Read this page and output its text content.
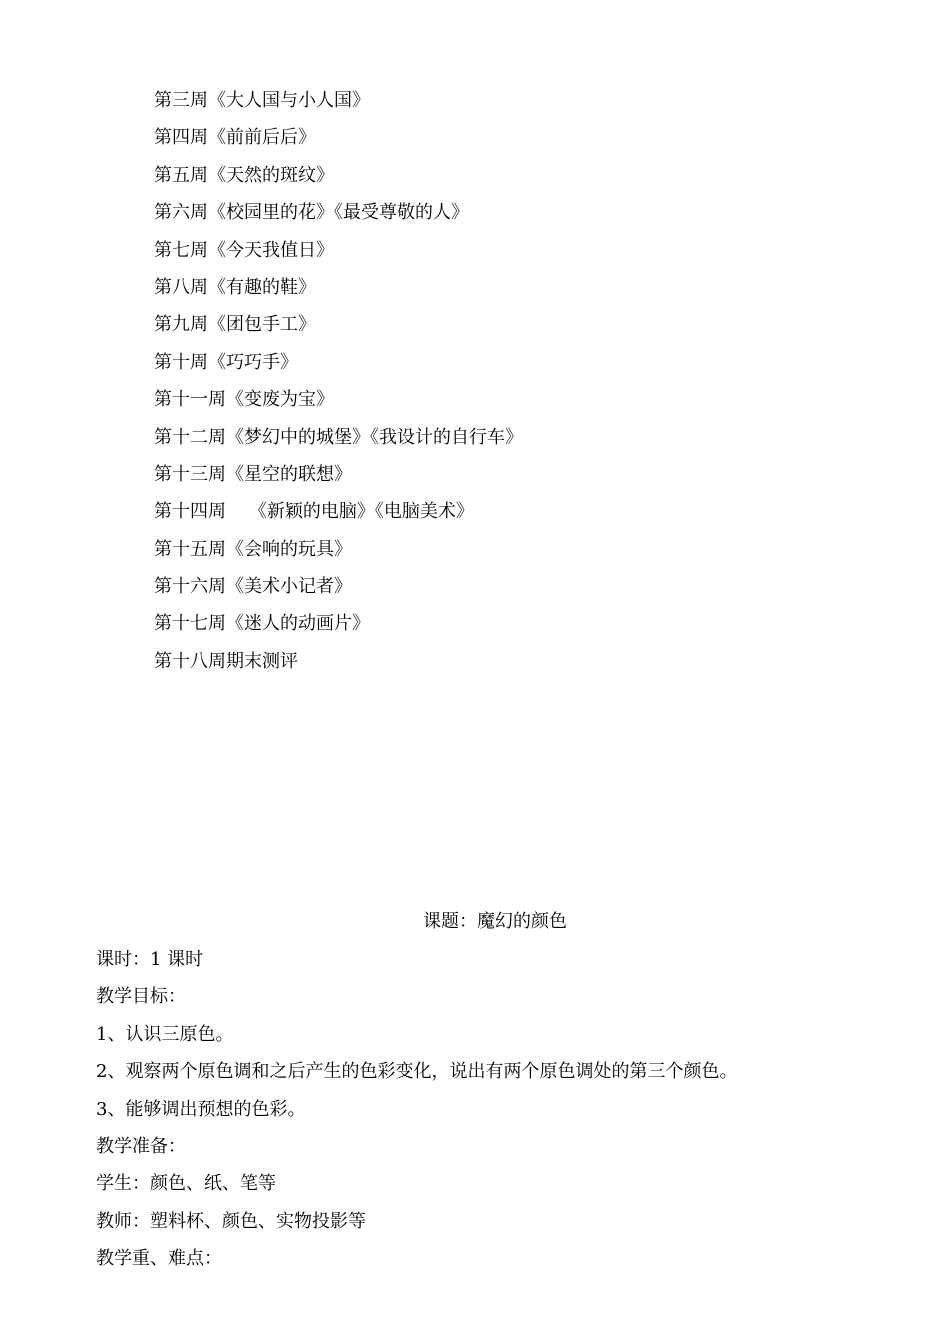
第三周《大人国与小人国》
第四周《前前后后》
第五周《天然的斑纹》
第六周《校园里的花》《最受尊敬的人》
第七周《今天我值日》
第八周《有趣的鞋》
第九周《团包手工》
第十周《巧巧手》
第十一周《变废为宝》
第十二周《梦幻中的城堡》《我设计的自行车》
第十三周《星空的联想》
第十四周    《新颖的电脑》《电脑美术》
第十五周《会响的玩具》
第十六周《美术小记者》
第十七周《迷人的动画片》
第十八周期末测评
课题：魔幻的颜色

课时：1 课时

教学目标：

1、认识三原色。

2、观察两个原色调和之后产生的色彩变化，说出有两个原色调处的第三个颜色。

3、能够调出预想的色彩。

教学准备：

学生：颜色、纸、笔等

教师：塑料杯、颜色、实物投影等

教学重、难点：
